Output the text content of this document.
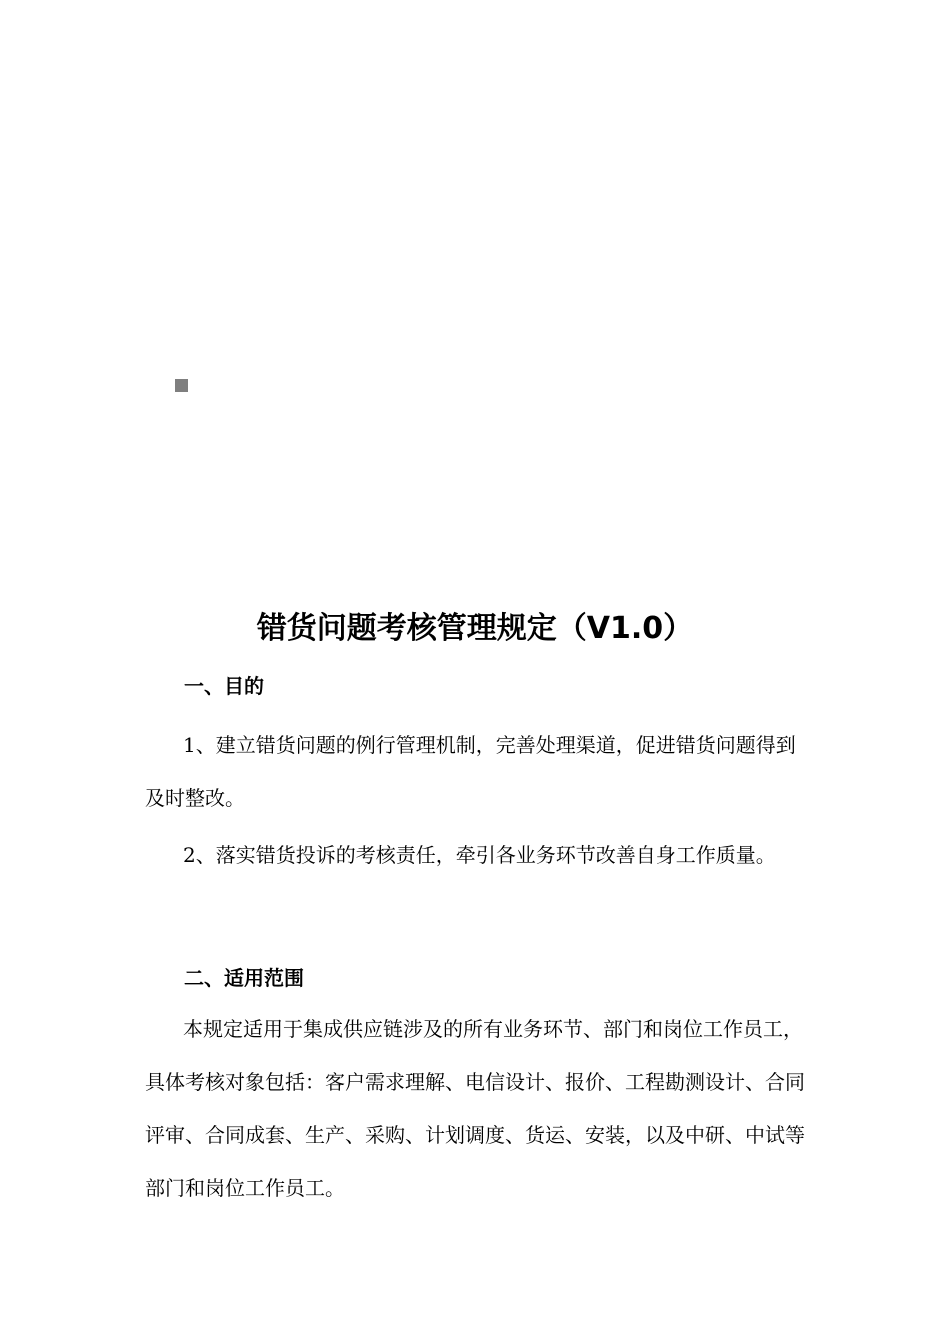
错货问题考核管理规定（V1.0）
一、目的

1、建立错货问题的例行管理机制，完善处理渠道，促进错货问题得到及时整改。

2、落实错货投诉的考核责任，牵引各业务环节改善自身工作质量。

二、适用范围

本规定适用于集成供应链涉及的所有业务环节、部门和岗位工作员工，具体考核对象包括：客户需求理解、电信设计、报价、工程勘测设计、合同评审、合同成套、生产、采购、计划调度、货运、安装，以及中研、中试等部门和岗位工作员工。
